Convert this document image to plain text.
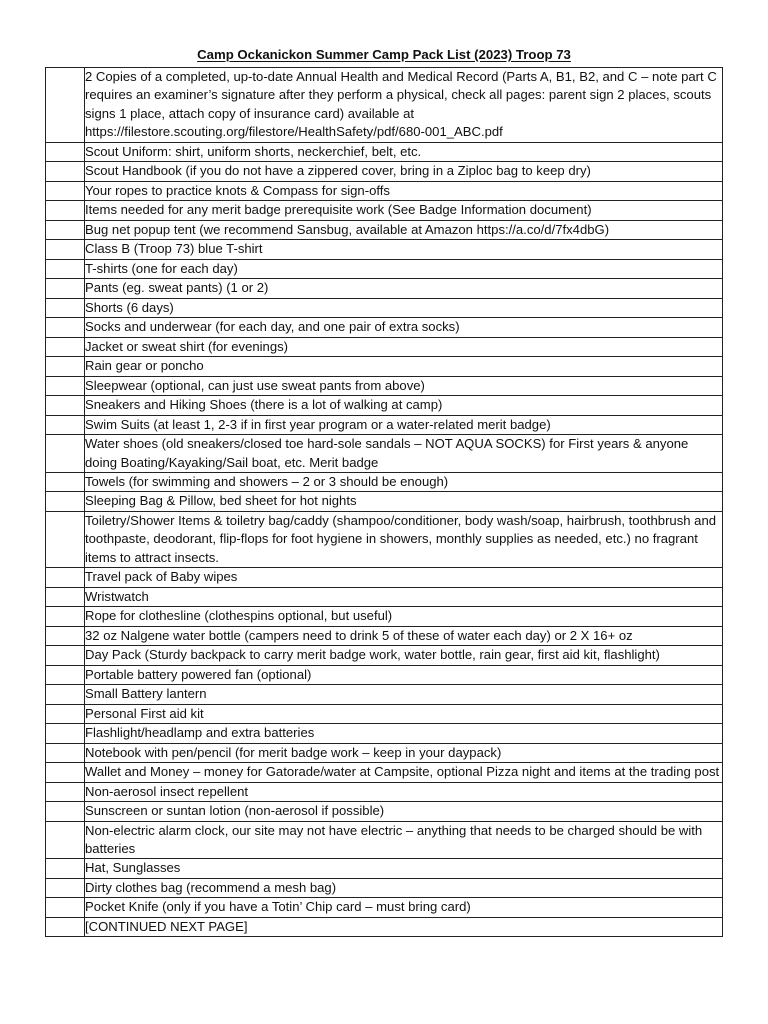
Camp Ockanickon Summer Camp Pack List (2023) Troop 73
	2 Copies of a completed, up-to-date Annual Health and Medical Record (Parts A, B1, B2, and C – note part C requires an examiner’s signature after they perform a physical, check all pages: parent sign 2 places, scouts signs 1 place, attach copy of insurance card) available at https://filestore.scouting.org/filestore/HealthSafety/pdf/680-001_ABC.pdf
	Scout Uniform: shirt, uniform shorts, neckerchief, belt, etc.
	Scout Handbook (if you do not have a zippered cover, bring in a Ziploc bag to keep dry)
	Your ropes to practice knots & Compass for sign-offs
	Items needed for any merit badge prerequisite work (See Badge Information document)
	Bug net popup tent (we recommend Sansbug, available at Amazon https://a.co/d/7fx4dbG)
	Class B (Troop 73) blue T-shirt
	T-shirts (one for each day)
	Pants (eg. sweat pants) (1 or 2)
	Shorts (6 days)
	Socks and underwear (for each day, and one pair of extra socks)
	Jacket or sweat shirt (for evenings)
	Rain gear or poncho
	Sleepwear (optional, can just use sweat pants from above)
	Sneakers and Hiking Shoes (there is a lot of walking at camp)
	Swim Suits (at least 1, 2-3 if in first year program or a water-related merit badge)
	Water shoes (old sneakers/closed toe hard-sole sandals – NOT AQUA SOCKS) for First years & anyone doing Boating/Kayaking/Sail boat, etc. Merit badge
	Towels (for swimming and showers – 2 or 3 should be enough)
	Sleeping Bag & Pillow, bed sheet for hot nights
	Toiletry/Shower Items & toiletry bag/caddy (shampoo/conditioner, body wash/soap, hairbrush, toothbrush and toothpaste, deodorant, flip-flops for foot hygiene in showers, monthly supplies as needed, etc.) no fragrant items to attract insects.
	Travel pack of Baby wipes
	Wristwatch
	Rope for clothesline (clothespins optional, but useful)
	32 oz Nalgene water bottle (campers need to drink 5 of these of water each day) or 2 X 16+ oz
	Day Pack (Sturdy backpack to carry merit badge work, water bottle, rain gear, first aid kit, flashlight)
	Portable battery powered fan (optional)
	Small Battery lantern
	Personal First aid kit
	Flashlight/headlamp and extra batteries
	Notebook with pen/pencil (for merit badge work – keep in your daypack)
	Wallet and Money – money for Gatorade/water at Campsite, optional Pizza night and items at the trading post
	Non-aerosol insect repellent
	Sunscreen or suntan lotion (non-aerosol if possible)
	Non-electric alarm clock, our site may not have electric – anything that needs to be charged should be with batteries
	Hat, Sunglasses
	Dirty clothes bag (recommend a mesh bag)
	Pocket Knife (only if you have a Totin’ Chip card – must bring card)
	[CONTINUED NEXT PAGE]
